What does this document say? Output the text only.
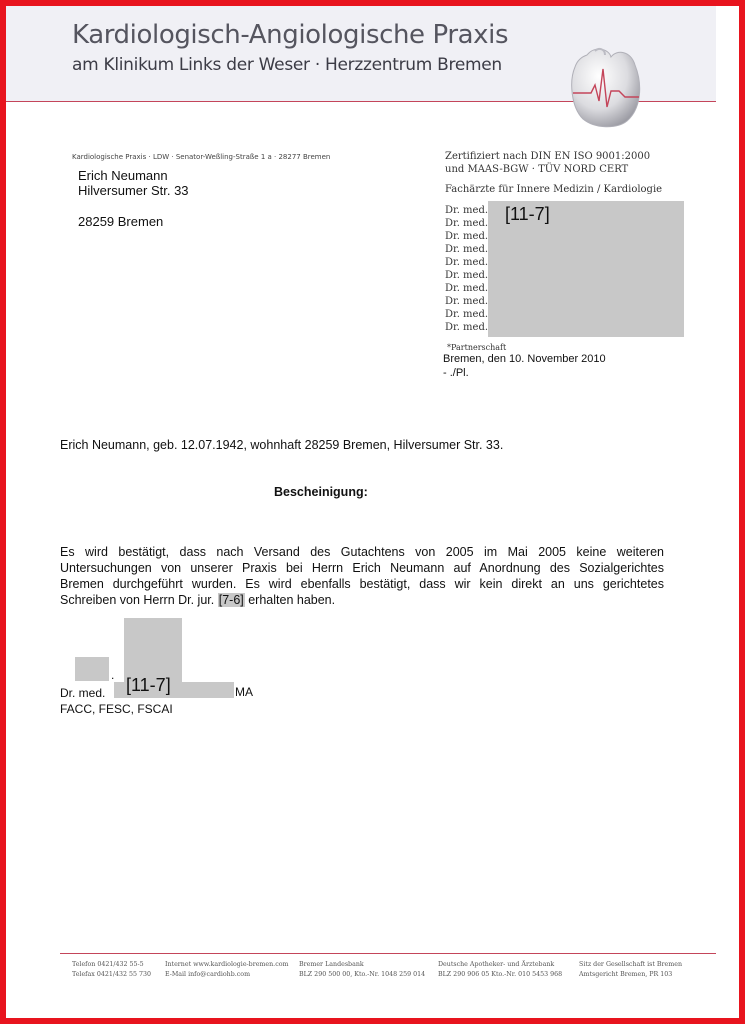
Kardiologisch-Angiologische Praxis
am Klinikum Links der Weser · Herzzentrum Bremen
Kardiologische Praxis · LDW · Senator-Weßling-Straße 1 a · 28277 Bremen
Erich Neumann
Hilversumer Str. 33
28259 Bremen
Zertifiziert nach DIN EN ISO 9001:2000
und MAAS-BGW · TÜV NORD CERT
Fachärzte für Innere Medizin / Kardiologie
Dr. med.
Dr. med.
Dr. med.
Dr. med.
Dr. med.
Dr. med.
Dr. med.
Dr. med.
Dr. med.
Dr. med.
[11-7]
*Partnerschaft
Bremen, den 10. November 2010
- ./Pl.
Erich Neumann, geb. 12.07.1942, wohnhaft 28259 Bremen, Hilversumer Str. 33.
Bescheinigung:
Es wird bestätigt, dass nach Versand des Gutachtens von 2005 im Mai 2005 keine weiteren
Untersuchungen von unserer Praxis bei Herrn Erich Neumann auf Anordnung des Sozialgerichtes
Bremen durchgeführt wurden. Es wird ebenfalls bestätigt, dass wir kein direkt an uns gerichtetes
Schreiben von Herrn Dr. jur. [7-6] erhalten haben.
.
Dr. med. [11-7]	MA
FACC, FESC, FSCAI
Telefon 0421/432 55-5
Telefax 0421/432 55 730
Internet www.kardiologie-bremen.com
E-Mail info@cardiohb.com
Bremer Landesbank
BLZ 290 500 00, Kto.-Nr. 1048 259 014
Deutsche Apotheker- und Ärztebank
BLZ 290 906 05 Kto.-Nr. 010 5453 968
Sitz der Gesellschaft ist Bremen
Amtsgericht Bremen, PR 103
